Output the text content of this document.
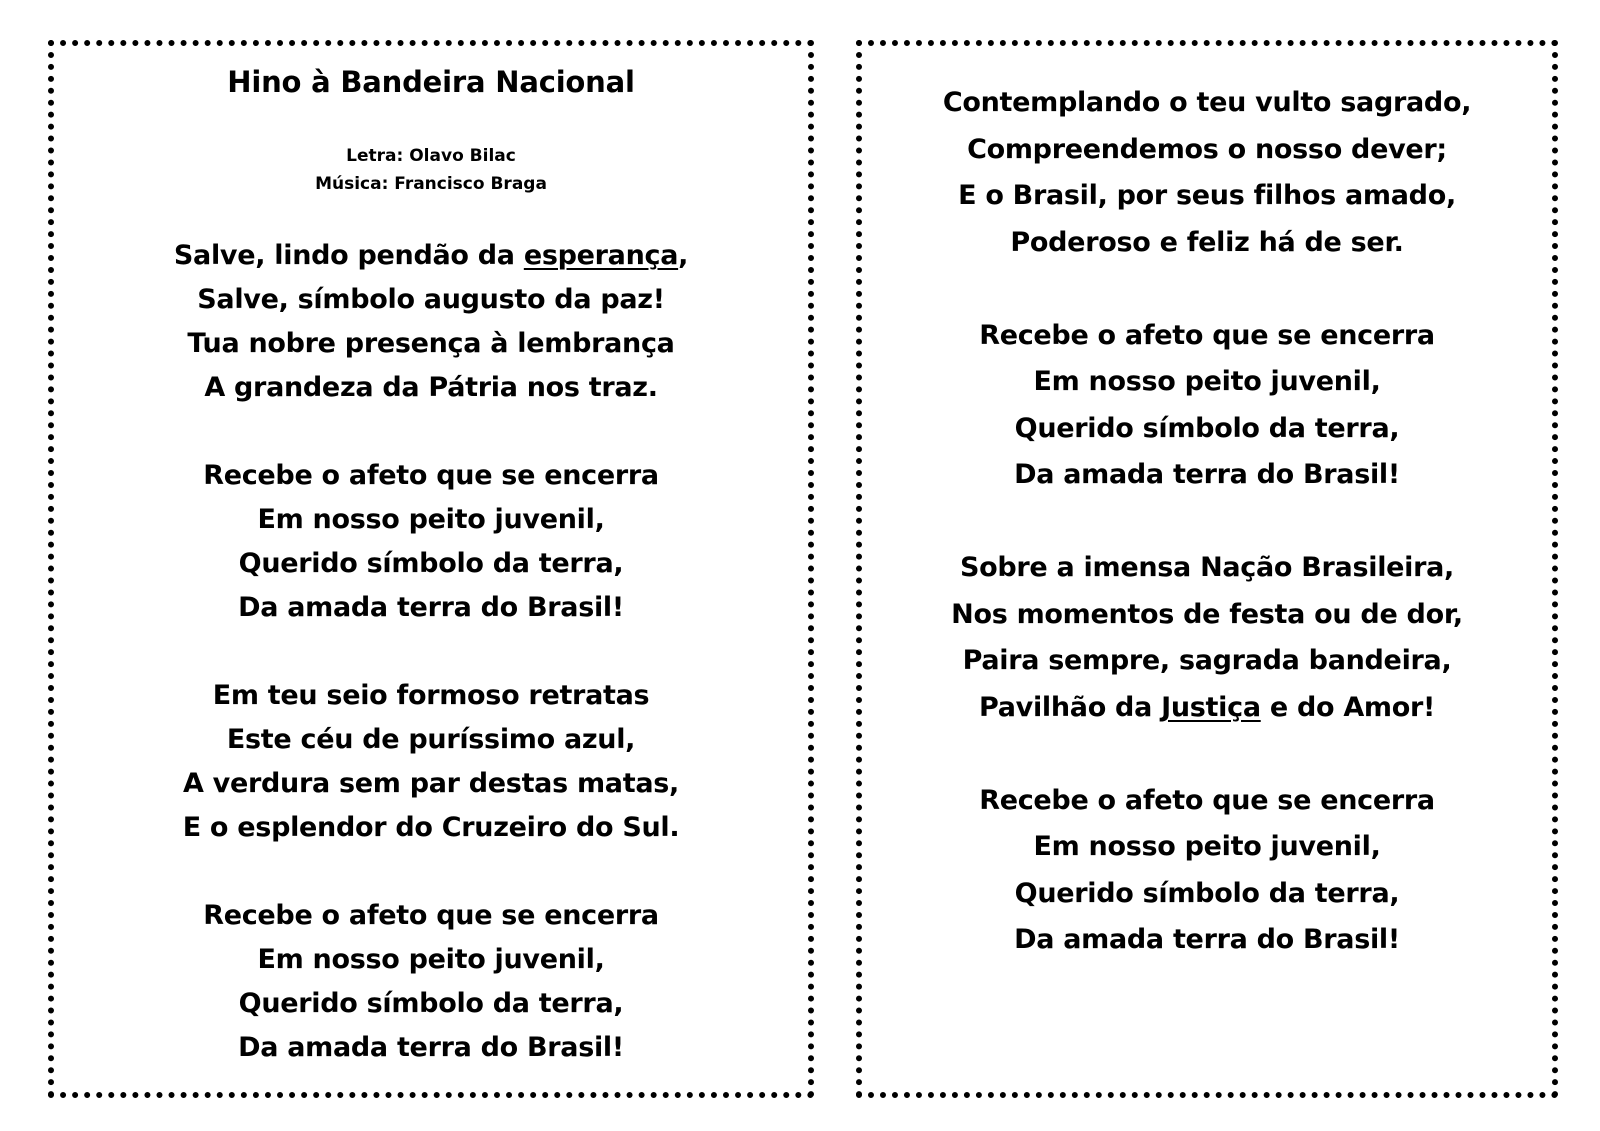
Hino à Bandeira Nacional
Letra: Olavo Bilac
Música: Francisco Braga
Salve, lindo pendão da esperança,
Salve, símbolo augusto da paz!
Tua nobre presença à lembrança
A grandeza da Pátria nos traz.
Recebe o afeto que se encerra
Em nosso peito juvenil,
Querido símbolo da terra,
Da amada terra do Brasil!
Em teu seio formoso retratas
Este céu de puríssimo azul,
A verdura sem par destas matas,
E o esplendor do Cruzeiro do Sul.
Recebe o afeto que se encerra
Em nosso peito juvenil,
Querido símbolo da terra,
Da amada terra do Brasil!
Contemplando o teu vulto sagrado,
Compreendemos o nosso dever;
E o Brasil, por seus filhos amado,
Poderoso e feliz há de ser.
Recebe o afeto que se encerra
Em nosso peito juvenil,
Querido símbolo da terra,
Da amada terra do Brasil!
Sobre a imensa Nação Brasileira,
Nos momentos de festa ou de dor,
Paira sempre, sagrada bandeira,
Pavilhão da Justiça e do Amor!
Recebe o afeto que se encerra
Em nosso peito juvenil,
Querido símbolo da terra,
Da amada terra do Brasil!
